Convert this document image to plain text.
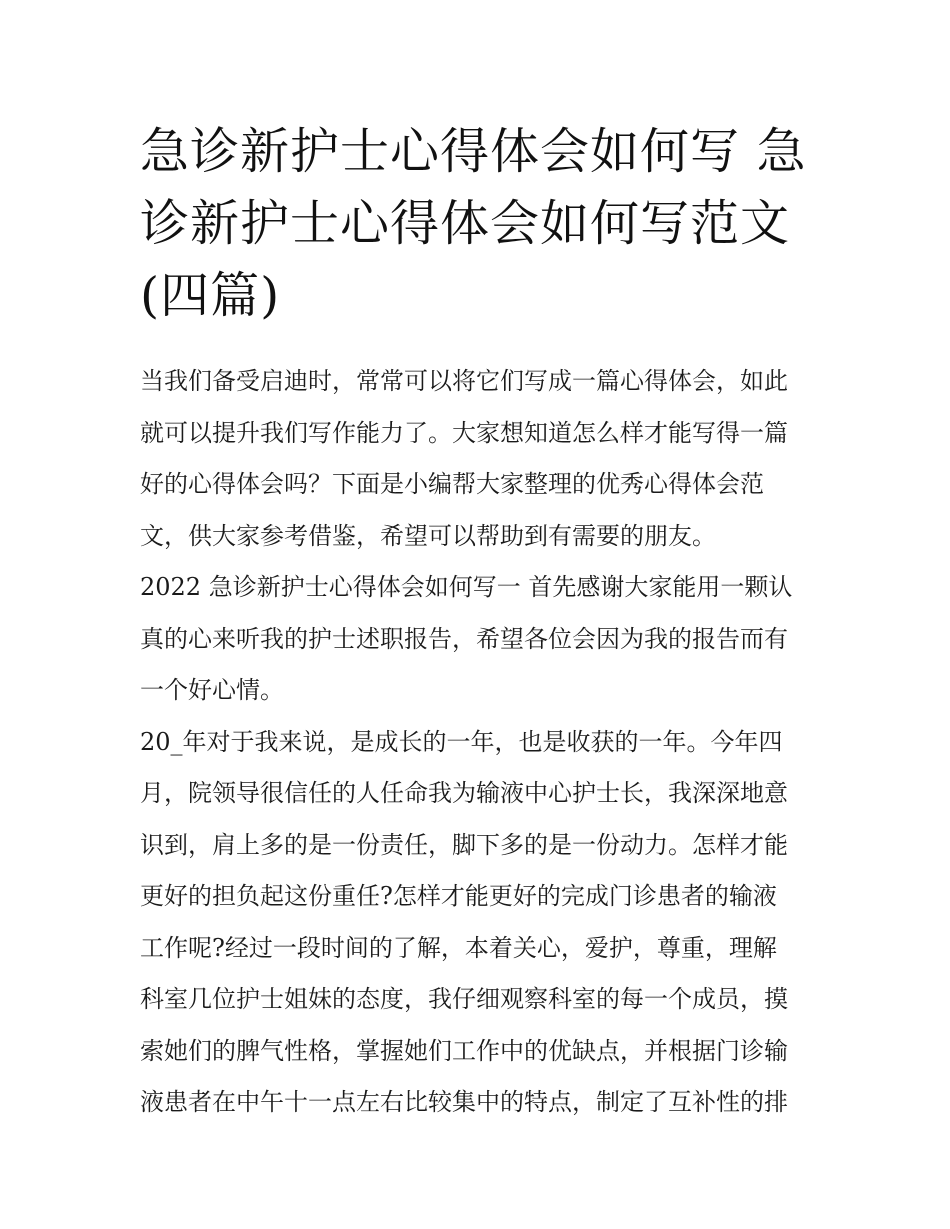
急诊新护士心得体会如何写 急
诊新护士心得体会如何写范文
(四篇)
当我们备受启迪时，常常可以将它们写成一篇心得体会，如此
就可以提升我们写作能力了。大家想知道怎么样才能写得一篇
好的心得体会吗？下面是小编帮大家整理的优秀心得体会范
文，供大家参考借鉴，希望可以帮助到有需要的朋友。
2022 急诊新护士心得体会如何写一 首先感谢大家能用一颗认
真的心来听我的护士述职报告，希望各位会因为我的报告而有
一个好心情。
20_年对于我来说，是成长的一年，也是收获的一年。今年四
月，院领导很信任的人任命我为输液中心护士长，我深深地意
识到，肩上多的是一份责任，脚下多的是一份动力。怎样才能
更好的担负起这份重任?怎样才能更好的完成门诊患者的输液
工作呢?经过一段时间的了解，本着关心，爱护，尊重，理解
科室几位护士姐妹的态度，我仔细观察科室的每一个成员，摸
索她们的脾气性格，掌握她们工作中的优缺点，并根据门诊输
液患者在中午十一点左右比较集中的特点，制定了互补性的排
